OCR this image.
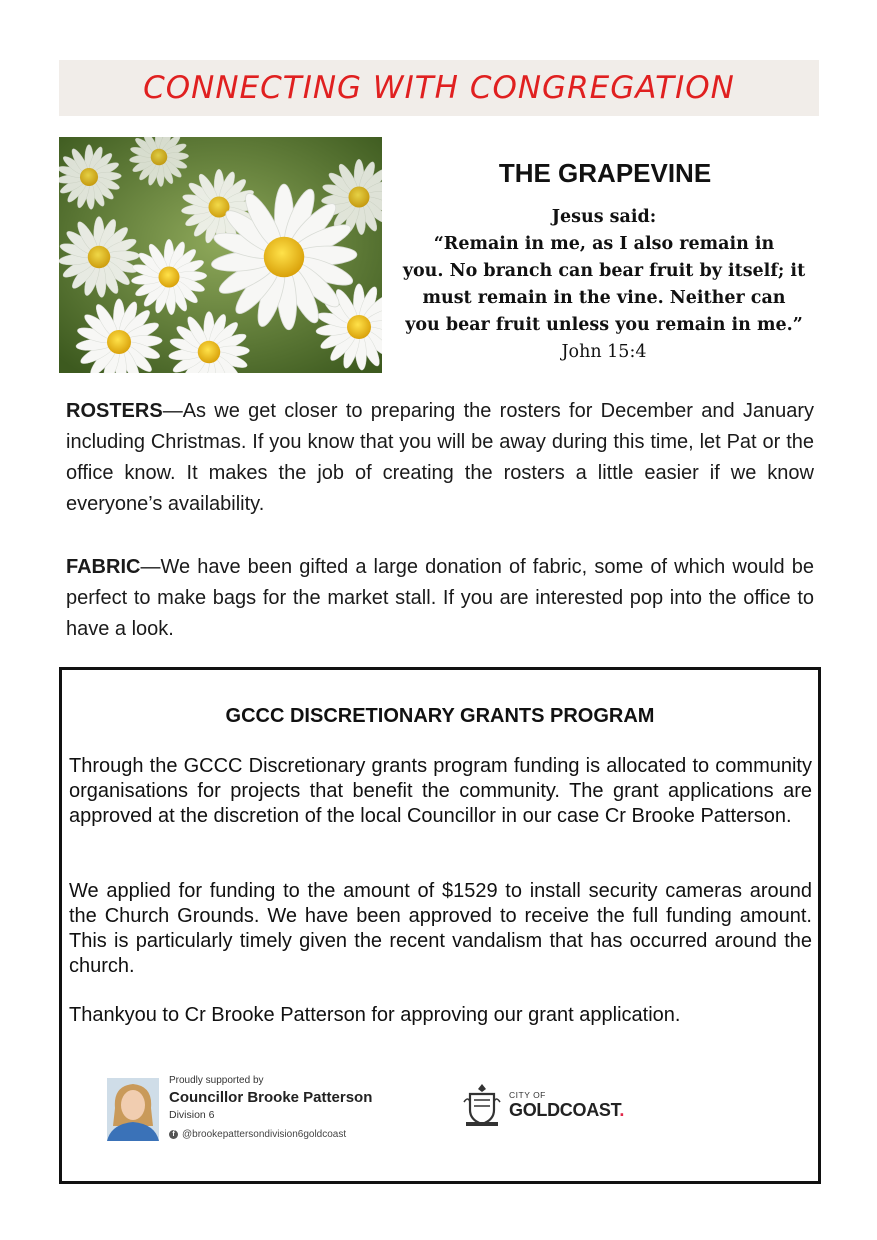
CONNECTING WITH CONGREGATION
THE GRAPEVINE
Jesus said:
“Remain in me, as I also remain in
you. No branch can bear fruit by itself; it
must remain in the vine. Neither can
you bear fruit unless you remain in me.”
John 15:4
ROSTERS—As we get closer to preparing the rosters for December and January including Christmas. If you know that you will be away during this time, let Pat or the office know. It makes the job of creating the rosters a little easier if we know everyone’s availability.
FABRIC—We have been gifted a large donation of fabric, some of which would be perfect to make bags for the market stall. If you are interested pop into the office to have a look.
GCCC DISCRETIONARY GRANTS PROGRAM
Through the GCCC Discretionary grants program funding is allocated to community organisations for projects that benefit the community. The grant applications are approved at the discretion of the local Councillor in our case Cr Brooke Patterson.
We applied for funding to the amount of $1529 to install security cameras around the Church Grounds. We have been approved to receive the full funding amount. This is particularly timely given the recent vandalism that has occurred around the church.
Thankyou to Cr Brooke Patterson for approving our grant application.
Proudly supported by
Councillor Brooke Patterson
Division 6
f @brookepattersondivision6goldcoast
CITY OF
GOLDCOAST.
